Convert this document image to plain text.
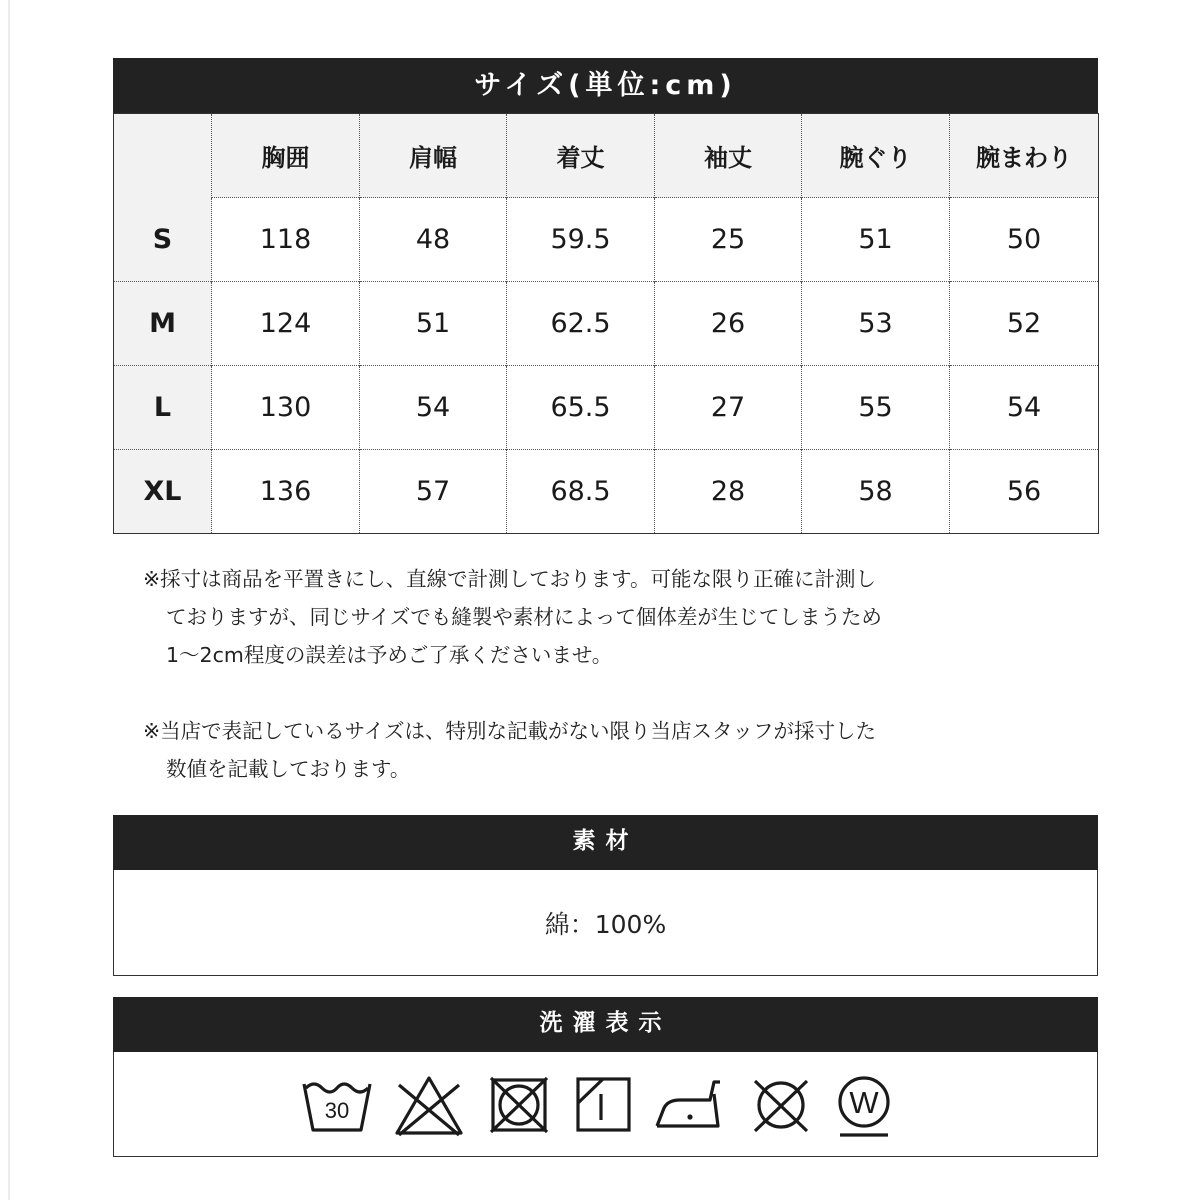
サイズ(単位:cm)
	胸囲	肩幅	着丈	袖丈	腕ぐり	腕まわり
S	118	48	59.5	25	51	50
M	124	51	62.5	26	53	52
L	130	54	65.5	27	55	54
XL	136	57	68.5	28	58	56

※採寸は商品を平置きにし、直線で計測しております。可能な限り正確に計測し
ておりますが、同じサイズでも縫製や素材によって個体差が生じてしまうため
1～2cm程度の誤差は予めご了承くださいませ。

※当店で表記しているサイズは、特別な記載がない限り当店スタッフが採寸した
数値を記載しております。

素材
綿：100%
洗濯表示
30	W
